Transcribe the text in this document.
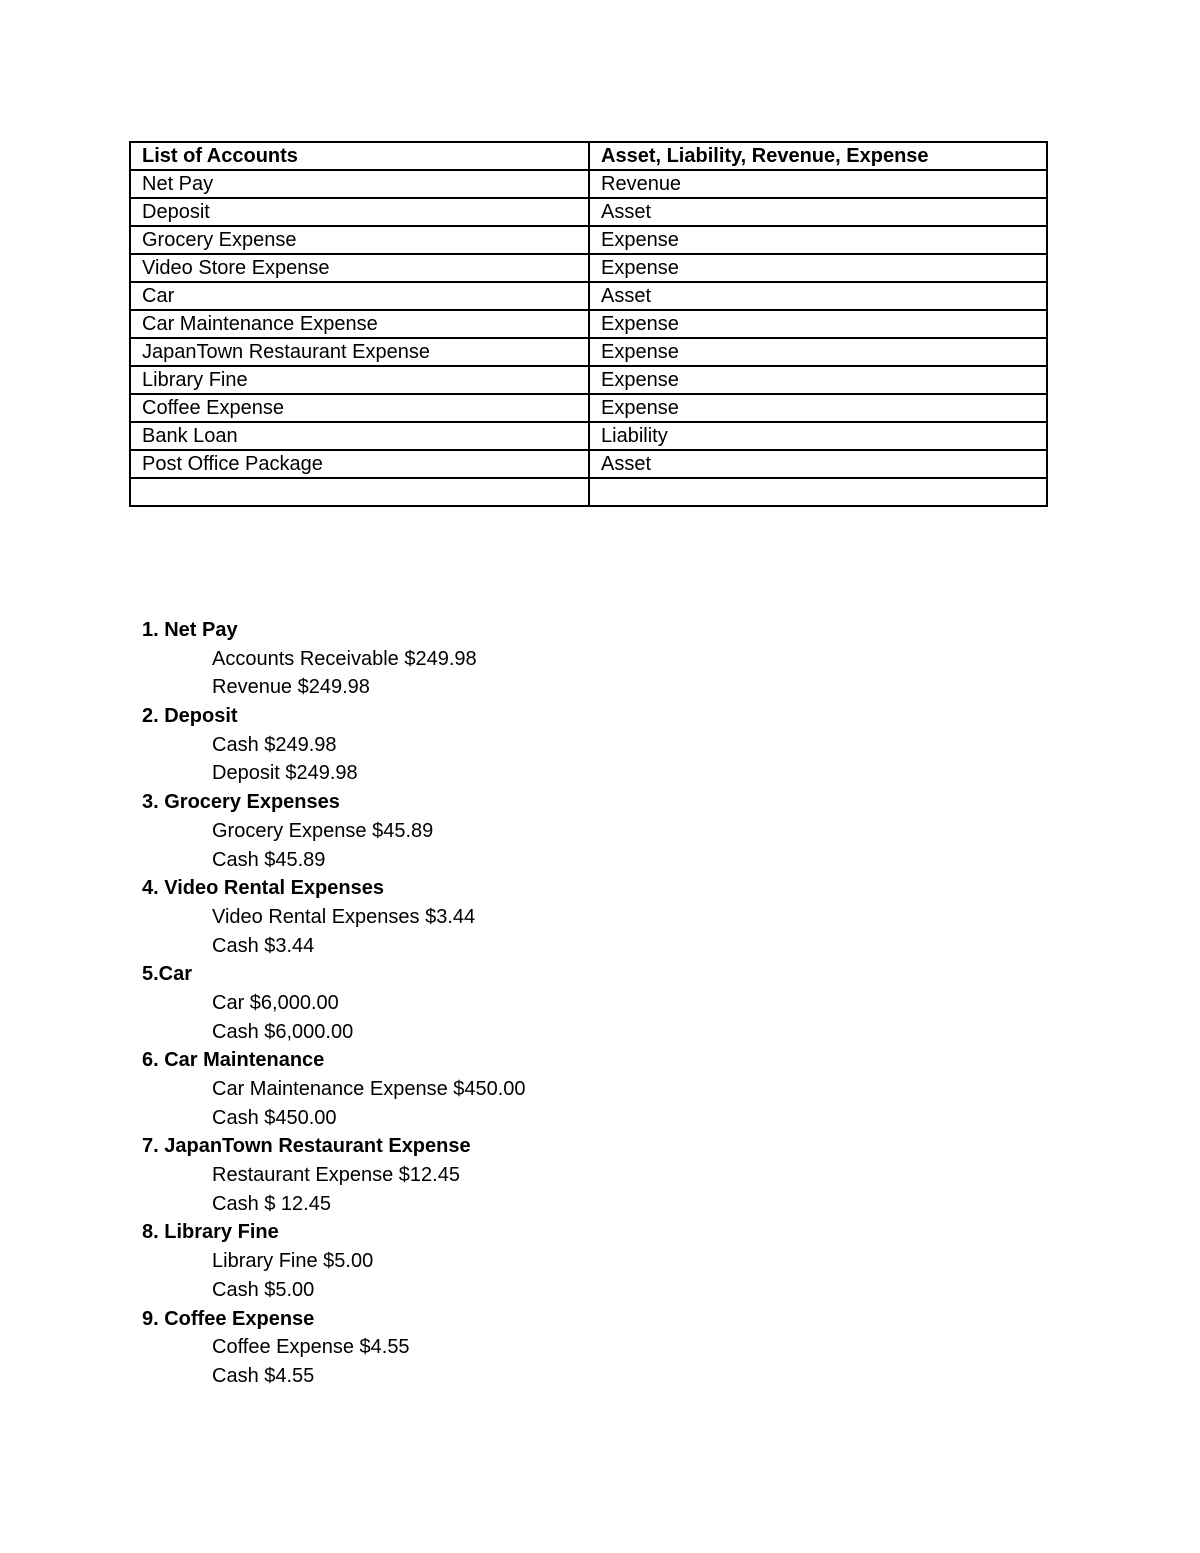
List of Accounts	Asset, Liability, Revenue, Expense
Net Pay	Revenue
Deposit	Asset
Grocery Expense	Expense
Video Store Expense	Expense
Car	Asset
Car Maintenance Expense	Expense
JapanTown Restaurant Expense	Expense
Library Fine	Expense
Coffee Expense	Expense
Bank Loan	Liability
Post Office Package	Asset

1. Net Pay
Accounts Receivable $249.98
Revenue $249.98
2. Deposit
Cash $249.98
Deposit $249.98
3. Grocery Expenses
Grocery Expense $45.89
Cash $45.89
4. Video Rental Expenses
Video Rental Expenses $3.44
Cash $3.44
5.Car
Car $6,000.00
Cash $6,000.00
6. Car Maintenance
Car Maintenance Expense $450.00
Cash $450.00
7. JapanTown Restaurant Expense
Restaurant Expense $12.45
Cash $ 12.45
8. Library Fine
Library Fine $5.00
Cash $5.00
9. Coffee Expense
Coffee Expense $4.55
Cash $4.55
